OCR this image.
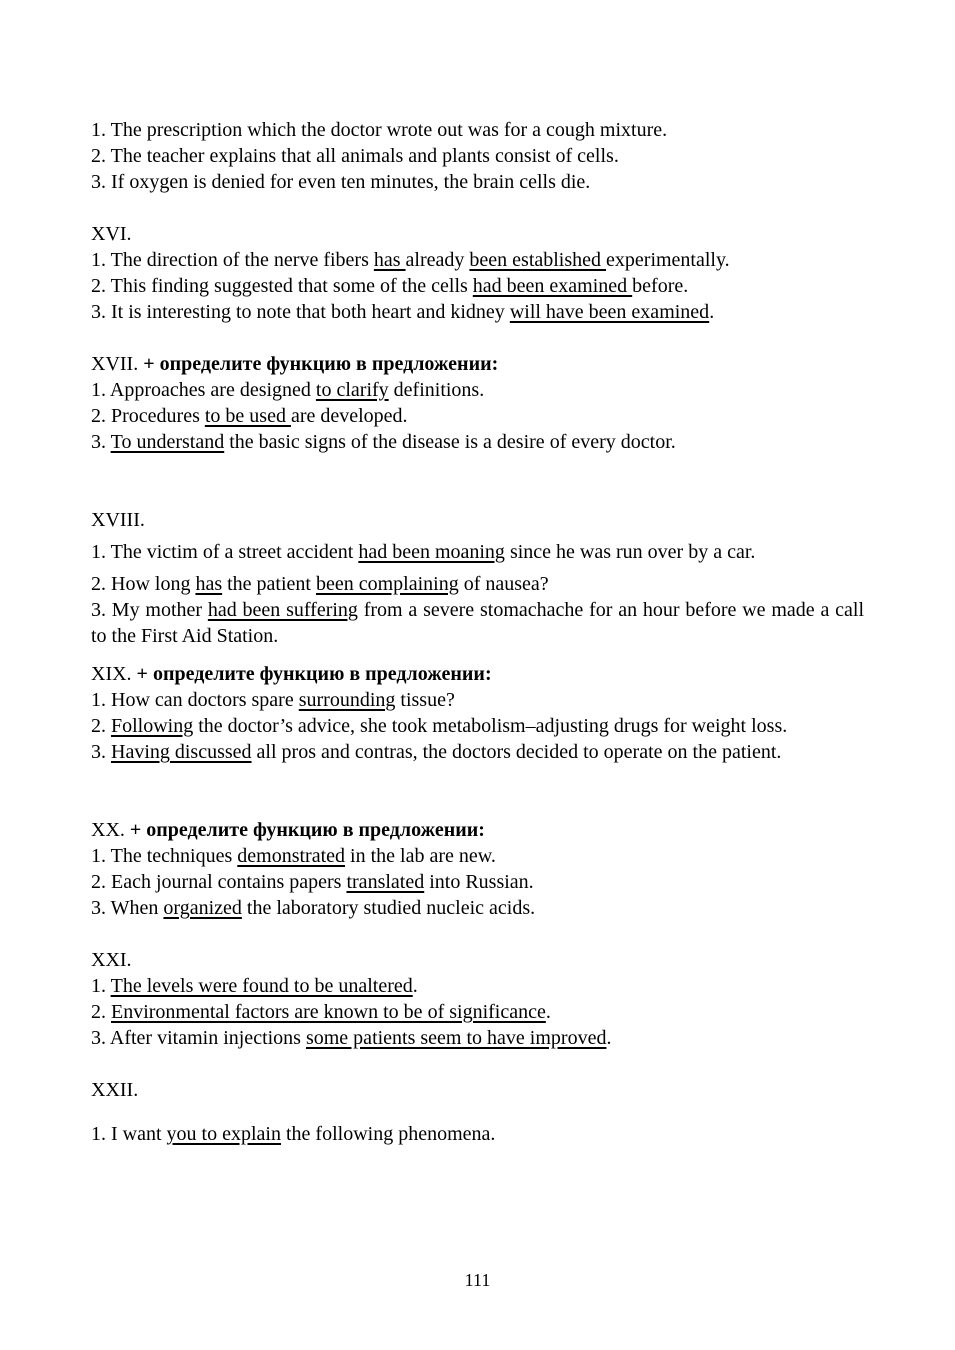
1. The prescription which the doctor wrote out was for a cough mixture.

2. The teacher explains that all animals and plants consist of cells.

3. If oxygen is denied for even ten minutes, the brain cells die.

XVI.

1. The direction of the nerve fibers has already been established experimentally.

2. This finding suggested that some of the cells had been examined before.

3. It is interesting to note that both heart and kidney will have been examined.

XVII. + определите функцию в предложении:

1. Approaches are designed to clarify definitions.

2. Procedures to be used are developed.

3. To understand the basic signs of the disease is a desire of every doctor.

XVIII.

1. The victim of a street accident had been moaning since he was run over by a car.

2. How long has the patient been complaining of nausea?

3. My mother had been suffering from a severe stomachache for an hour before we made a call to the First Aid Station.

XIX. + определите функцию в предложении:

1. How can doctors spare surrounding tissue?

2. Following the doctor’s advice, she took metabolism–adjusting drugs for weight loss.

3. Having discussed all pros and contras, the doctors decided to operate on the patient.

XX. + определите функцию в предложении:

1. The techniques demonstrated in the lab are new.

2. Each journal contains papers translated into Russian.

3. When organized the laboratory studied nucleic acids.

XXI.

1. The levels were found to be unaltered.

2. Environmental factors are known to be of significance.

3. After vitamin injections some patients seem to have improved.

XXII.

1. I want you to explain the following phenomena.

111
